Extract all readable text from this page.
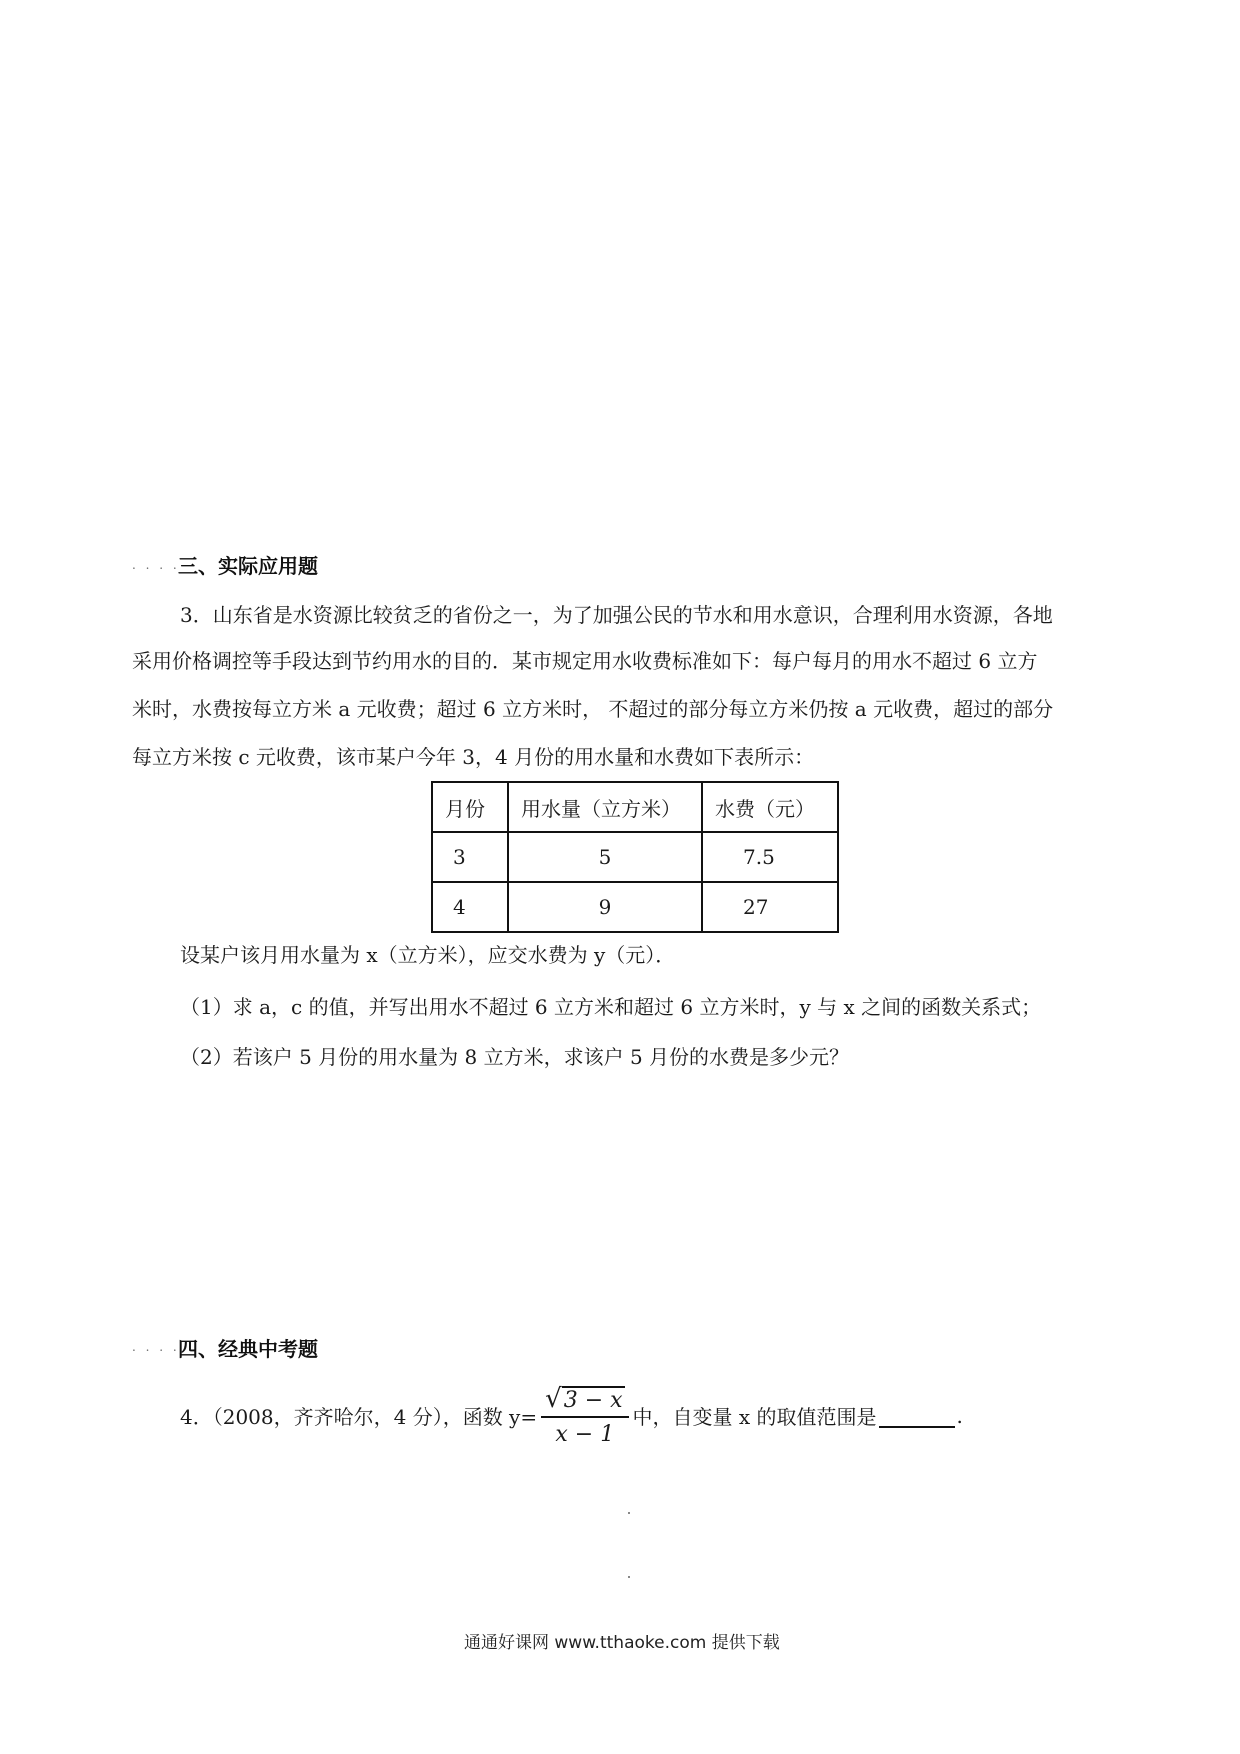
. . . .
三、实际应用题
3．山东省是水资源比较贫乏的省份之一，为了加强公民的节水和用水意识，合理利用水资源，各地
采用价格调控等手段达到节约用水的目的．某市规定用水收费标准如下：每户每月的用水不超过 6 立方
米时，水费按每立方米 a 元收费；超过 6 立方米时， 不超过的部分每立方米仍按 a 元收费，超过的部分
每立方米按 c 元收费，该市某户今年 3，4 月份的用水量和水费如下表所示：
月份	用水量（立方米）	水费（元）
3	5	7.5
4	9	27
设某户该月用水量为 x（立方米），应交水费为 y（元）．
（1）求 a，c 的值，并写出用水不超过 6 立方米和超过 6 立方米时，y 与 x 之间的函数关系式；
（2）若该户 5 月份的用水量为 8 立方米，求该户 5 月份的水费是多少元？
. . . .
四、经典中考题
4．（2008，齐齐哈尔，4 分），函数 $y= \frac{√3 - x}{x - 1}$ 中，自变量 x 的取值范围是	.
通通好课网 www.tthaoke.com 提供下载
